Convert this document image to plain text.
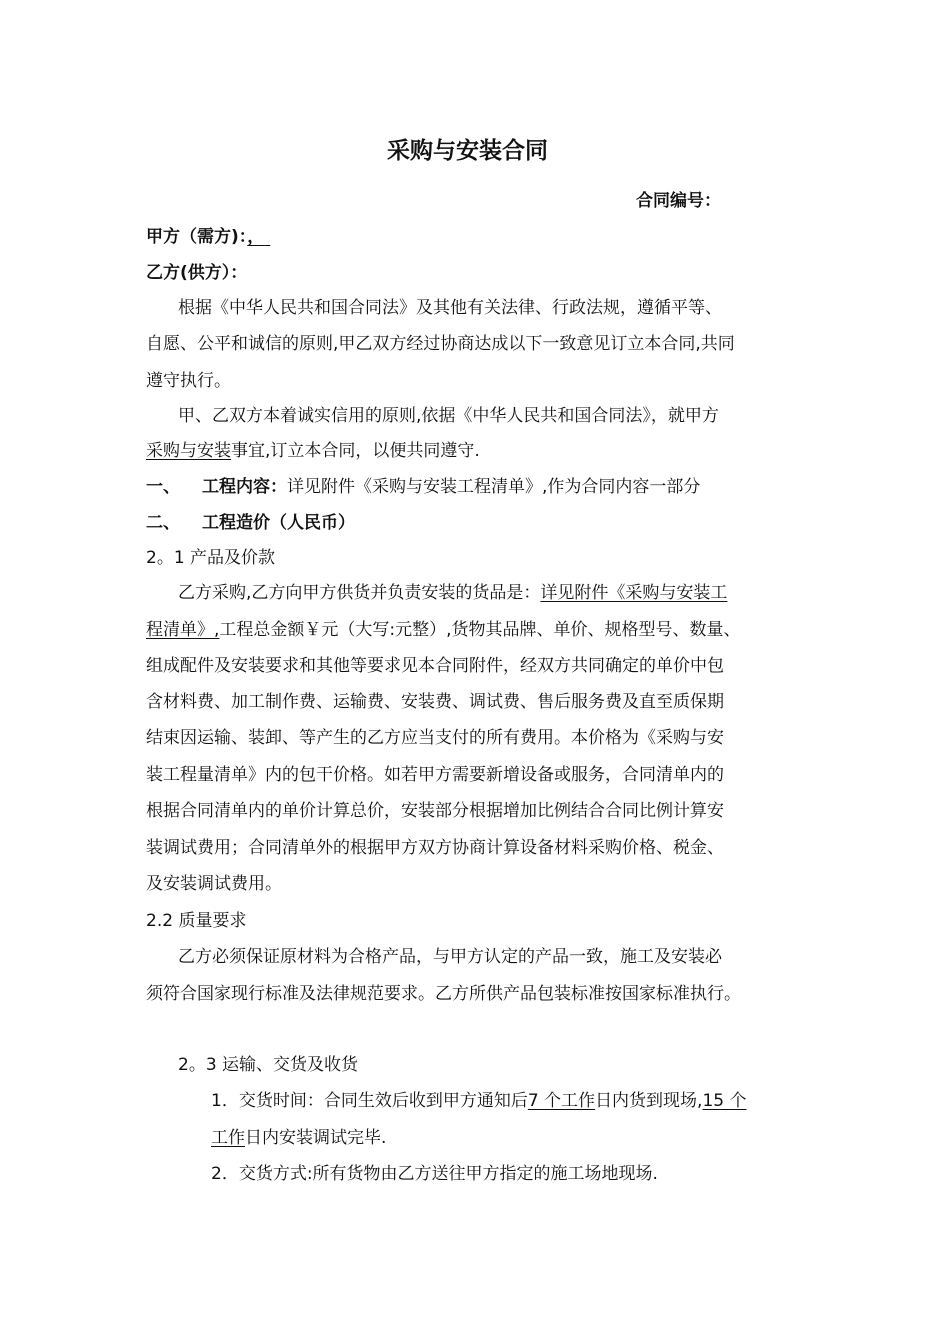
采购与安装合同
合同编号：
甲方（需方)：，
乙方(供方）：
根据《中华人民共和国合同法》及其他有关法律、行政法规，遵循平等、
自愿、公平和诚信的原则,甲乙双方经过协商达成以下一致意见订立本合同,共同
遵守执行。
甲、乙双方本着诚实信用的原则,依据《中华人民共和国合同法》，就甲方
采购与安装事宜,订立本合同，以便共同遵守.
一、 工程内容：详见附件《采购与安装工程清单》,作为合同内容一部分
二、 工程造价（人民币）
2。1 产品及价款
乙方采购,乙方向甲方供货并负责安装的货品是：详见附件《采购与安装工
程清单》,工程总金额￥元（大写:元整）,货物其品牌、单价、规格型号、数量、
组成配件及安装要求和其他等要求见本合同附件，经双方共同确定的单价中包
含材料费、加工制作费、运输费、安装费、调试费、售后服务费及直至质保期
结束因运输、装卸、等产生的乙方应当支付的所有费用。本价格为《采购与安
装工程量清单》内的包干价格。如若甲方需要新增设备或服务，合同清单内的
根据合同清单内的单价计算总价，安装部分根据增加比例结合合同比例计算安
装调试费用；合同清单外的根据甲方双方协商计算设备材料采购价格、税金、
及安装调试费用。
2.2 质量要求
乙方必须保证原材料为合格产品，与甲方认定的产品一致，施工及安装必
须符合国家现行标准及法律规范要求。乙方所供产品包装标准按国家标准执行。
2。3 运输、交货及收货
1．交货时间：合同生效后收到甲方通知后7 个工作日内货到现场,15 个
工作日内安装调试完毕.
2．交货方式:所有货物由乙方送往甲方指定的施工场地现场.
